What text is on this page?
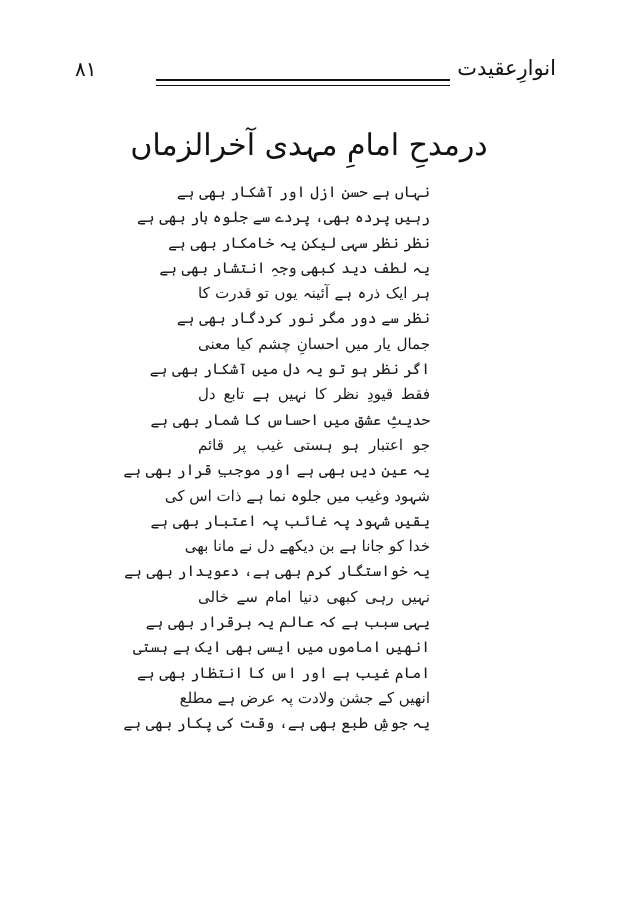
انوارِعقیدت
۸۱
درمدحِ امامِ مہدی آخرالزماں
نہاں ہے حسن ازل اور آشکار بھی ہے
رہیں پردہ بھی، پردے سے جلوہ بار بھی ہے
نظر نظر سہی لیکن یہ خامکار بھی ہے
یہ لطف دید کبھی وجہِ انتشار بھی ہے
ہر ایک ذرہ ہے آئینہ یوں تو قدرت کا
نظر سے دور مگر نور کردگار بھی ہے
جمال یار میں احسانِ چشم کیا معنی
اگر نظر ہو تو یہ دل میں آشکار بھی ہے
فقط قیودِ نظر کا نہیں ہے تابع دل
حدیثِ عشق میں احساس کا شمار بھی ہے
جو اعتبار ہو ہستی غیب پر قائم
یہ عین دیں بھی ہے اور موجبِ قرار بھی ہے
شہود وغیب میں جلوہ نما ہے ذات اس کی
یقیں شہود پہ غائب پہ اعتبار بھی ہے
خدا کو جانا ہے بن دیکھے دل نے مانا بھی
یہ خواستگار کرم بھی ہے، دعویدار بھی ہے
نہیں رہی کبھی دنیا امام سے خالی
یہی سبب ہے کہ عالم یہ برقرار بھی ہے
انھیں اماموں میں ایسی بھی ایک ہے ہستی
امام غیب ہے اور اس کا انتظار بھی ہے
انھیں کے جشن ولادت پہ عرض ہے مطلع
یہ جوشِ طبع بھی ہے، وقت کی پکار بھی ہے
